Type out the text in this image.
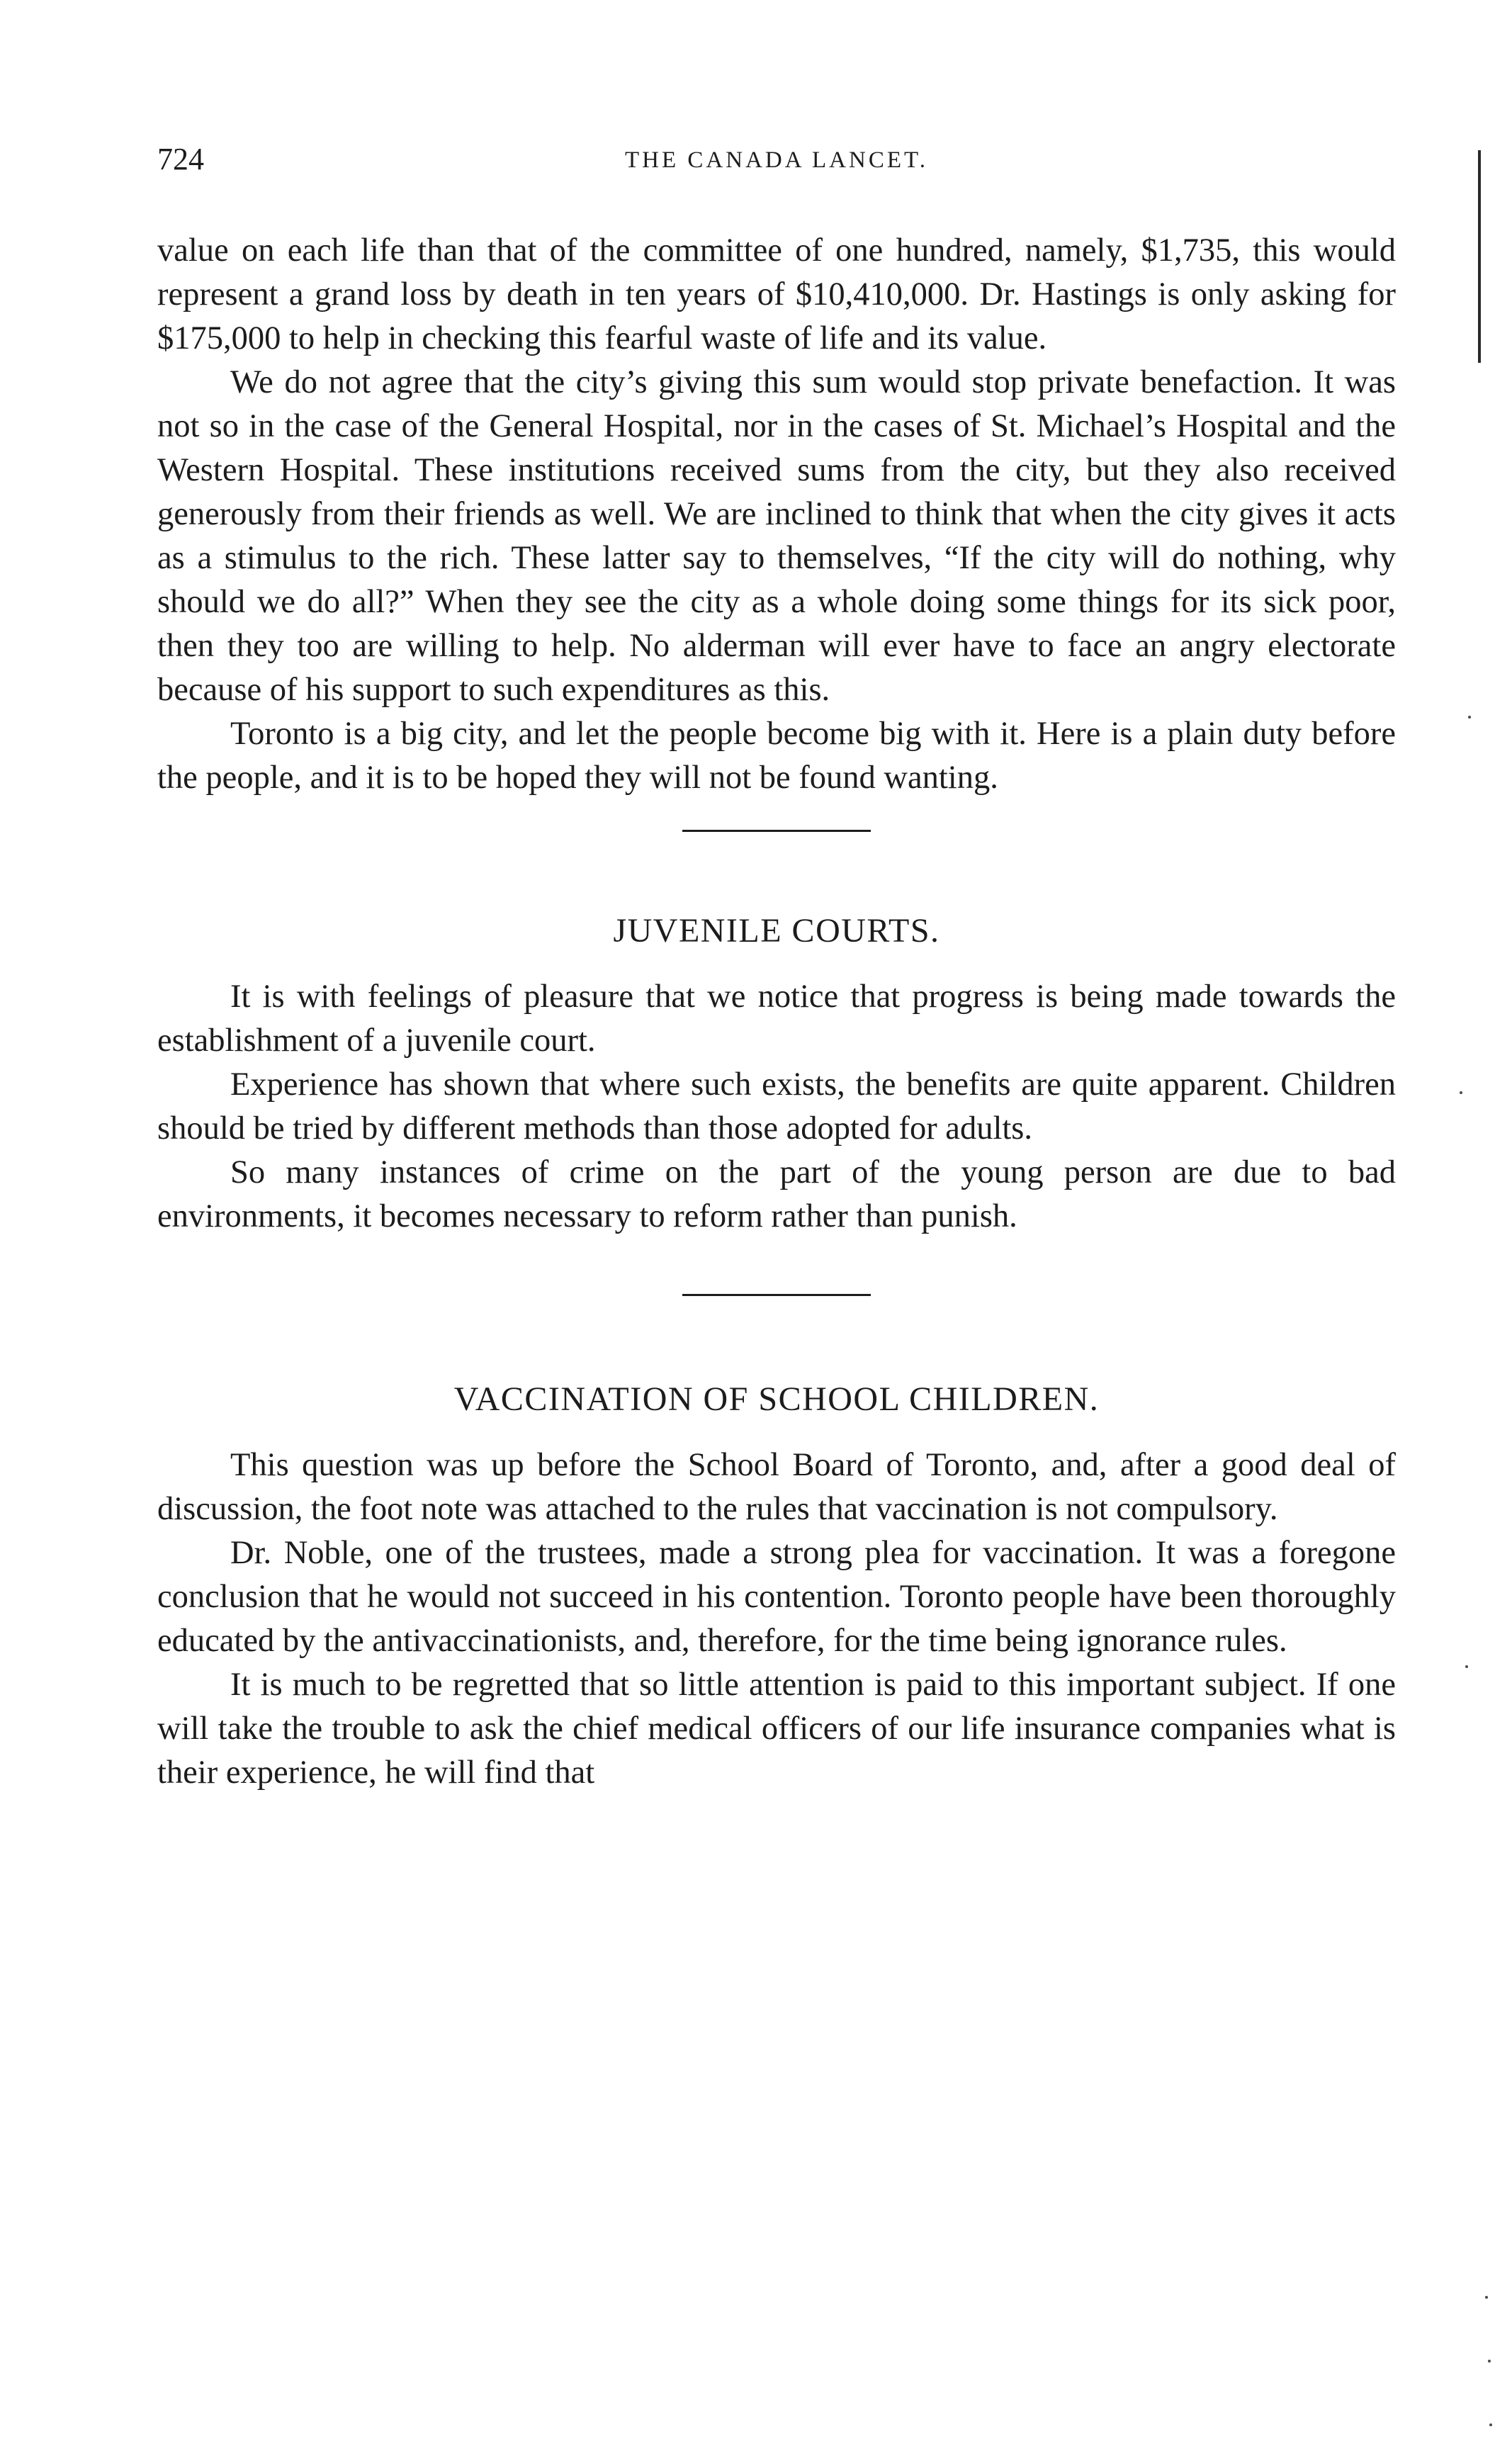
724	THE CANADA LANCET.

value on each life than that of the committee of one hundred, namely, $1,735, this would represent a grand loss by death in ten years of $10,410,000. Dr. Hastings is only asking for $175,000 to help in checking this fearful waste of life and its value.

We do not agree that the city’s giving this sum would stop private benefaction. It was not so in the case of the General Hospital, nor in the cases of St. Michael’s Hospital and the Western Hospital. These institutions received sums from the city, but they also received generously from their friends as well. We are inclined to think that when the city gives it acts as a stimulus to the rich. These latter say to themselves, “If the city will do nothing, why should we do all?” When they see the city as a whole doing some things for its sick poor, then they too are willing to help. No alderman will ever have to face an angry electorate because of his support to such expenditures as this.

Toronto is a big city, and let the people become big with it. Here is a plain duty before the people, and it is to be hoped they will not be found wanting.

JUVENILE COURTS.

It is with feelings of pleasure that we notice that progress is being made towards the establishment of a juvenile court.

Experience has shown that where such exists, the benefits are quite apparent. Children should be tried by different methods than those adopted for adults.

So many instances of crime on the part of the young person are due to bad environments, it becomes necessary to reform rather than punish.

VACCINATION OF SCHOOL CHILDREN.

This question was up before the School Board of Toronto, and, after a good deal of discussion, the foot note was attached to the rules that vaccination is not compulsory.

Dr. Noble, one of the trustees, made a strong plea for vaccination. It was a foregone conclusion that he would not succeed in his contention. Toronto people have been thoroughly educated by the antivaccinationists, and, therefore, for the time being ignorance rules.

It is much to be regretted that so little attention is paid to this important subject. If one will take the trouble to ask the chief medical officers of our life insurance companies what is their experience, he will find that
